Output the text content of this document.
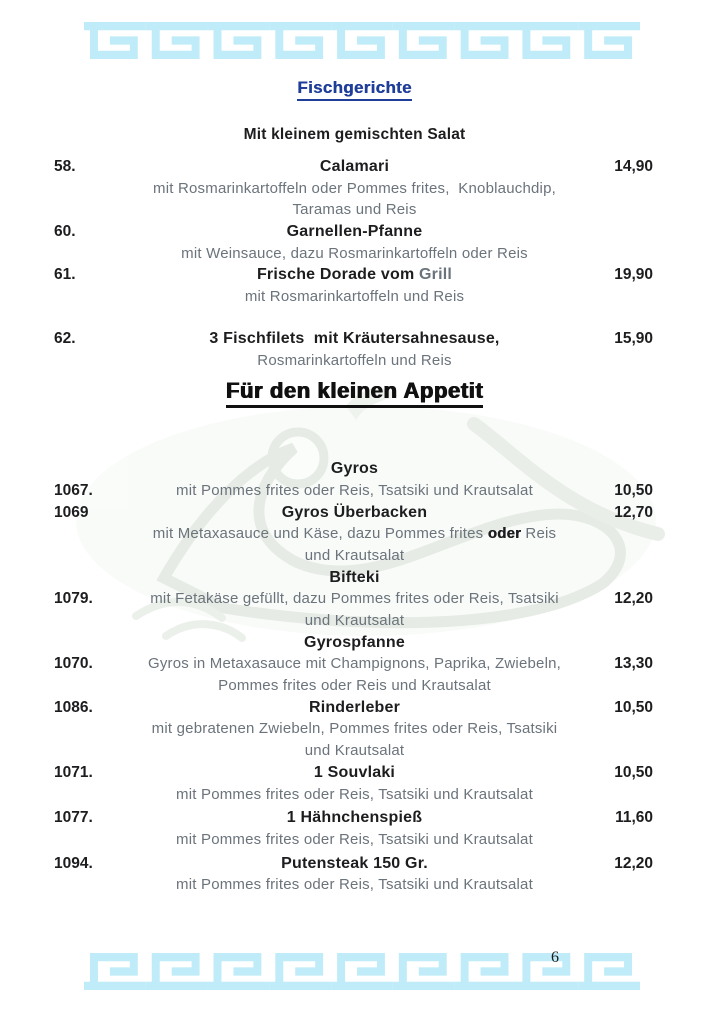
6
Fischgerichte
Mit kleinem gemischten Salat
58.	Calamari	14,90
mit Rosmarinkartoffeln oder Pommes frites,  Knoblauchdip,
Taramas und Reis
60.	Garnellen-Pfanne
mit Weinsauce, dazu Rosmarinkartoffeln oder Reis
61.	Frische Dorade vom Grill	19,90
mit Rosmarinkartoffeln und Reis
62.	3 Fischfilets  mit Kräutersahnesause,	15,90
Rosmarinkartoffeln und Reis
Für den kleinen Appetit
Gyros
1067.	mit Pommes frites oder Reis, Tsatsiki und Krautsalat	10,50
1069	Gyros Überbacken	12,70
mit Metaxasauce und Käse, dazu Pommes frites oder Reis
und Krautsalat
Bifteki
1079.	mit Fetakäse gefüllt, dazu Pommes frites oder Reis, Tsatsiki	12,20
und Krautsalat
Gyrospfanne
1070.	Gyros in Metaxasauce mit Champignons, Paprika, Zwiebeln,	13,30
Pommes frites oder Reis und Krautsalat
1086.	Rinderleber	10,50
mit gebratenen Zwiebeln, Pommes frites oder Reis, Tsatsiki
und Krautsalat
1071.	1 Souvlaki	10,50
mit Pommes frites oder Reis, Tsatsiki und Krautsalat
1077.	1 Hähnchenspieß	11,60
mit Pommes frites oder Reis, Tsatsiki und Krautsalat
1094.	Putensteak 150 Gr.	12,20
mit Pommes frites oder Reis, Tsatsiki und Krautsalat
